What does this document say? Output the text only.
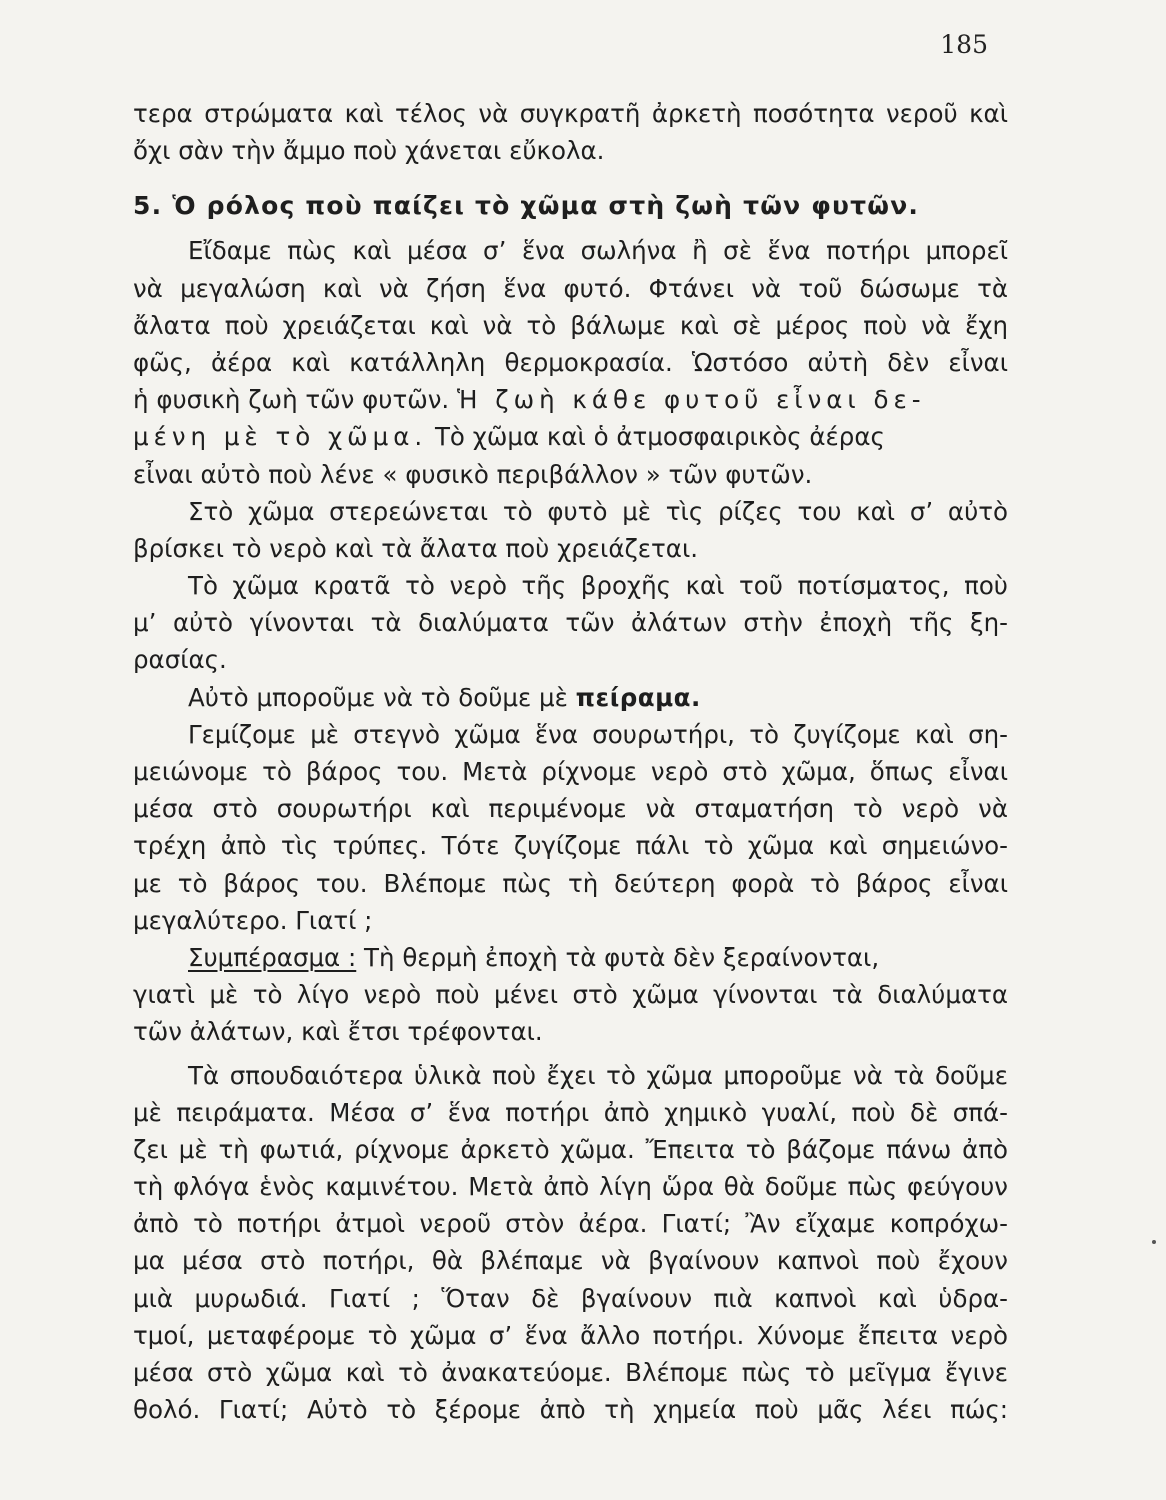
185
τερα στρώματα καὶ τέλος νὰ συγκρατῆ ἀρκετὴ ποσότητα νεροῦ καὶ
ὄχι σὰν τὴν ἄμμο ποὺ χάνεται εὔκολα.
5. Ὁ ρόλος ποὺ παίζει τὸ χῶμα στὴ ζωὴ τῶν φυτῶν.
Εἴδαμε πὼς καὶ μέσα σ’ ἕνα σωλήνα ἢ σὲ ἕνα ποτήρι μπορεῖ
νὰ μεγαλώση καὶ νὰ ζήση ἕνα φυτό. Φτάνει νὰ τοῦ δώσωμε τὰ
ἄλατα ποὺ χρειάζεται καὶ νὰ τὸ βάλωμε καὶ σὲ μέρος ποὺ νὰ ἔχη
φῶς, ἀέρα καὶ κατάλληλη θερμοκρασία. Ὡστόσο αὐτὴ δὲν εἶναι
ἡ φυσικὴ ζωὴ τῶν φυτῶν. Ἡ ζωὴ κάθε φυτοῦ εἶναι δε-
μένη μὲ τὸ χῶμα. Τὸ χῶμα καὶ ὁ ἀτμοσφαιρικὸς ἀέρας
εἶναι αὐτὸ ποὺ λένε « φυσικὸ περιβάλλον » τῶν φυτῶν.
Στὸ χῶμα στερεώνεται τὸ φυτὸ μὲ τὶς ρίζες του καὶ σ’ αὐτὸ
βρίσκει τὸ νερὸ καὶ τὰ ἄλατα ποὺ χρειάζεται.
Τὸ χῶμα κρατᾶ τὸ νερὸ τῆς βροχῆς καὶ τοῦ ποτίσματος, ποὺ
μ’ αὐτὸ γίνονται τὰ διαλύματα τῶν ἀλάτων στὴν ἐποχὴ τῆς ξη-
ρασίας.
Αὐτὸ μποροῦμε νὰ τὸ δοῦμε μὲ πείραμα.
Γεμίζομε μὲ στεγνὸ χῶμα ἕνα σουρωτήρι, τὸ ζυγίζομε καὶ ση-
μειώνομε τὸ βάρος του. Μετὰ ρίχνομε νερὸ στὸ χῶμα, ὅπως εἶναι
μέσα στὸ σουρωτήρι καὶ περιμένομε νὰ σταματήση τὸ νερὸ νὰ
τρέχη ἀπὸ τὶς τρύπες. Τότε ζυγίζομε πάλι τὸ χῶμα καὶ σημειώνο-
με τὸ βάρος του. Βλέπομε πὼς τὴ δεύτερη φορὰ τὸ βάρος εἶναι
μεγαλύτερο. Γιατί ;
Συμπέρασμα : Τὴ θερμὴ ἐποχὴ τὰ φυτὰ δὲν ξεραίνονται,
γιατὶ μὲ τὸ λίγο νερὸ ποὺ μένει στὸ χῶμα γίνονται τὰ διαλύματα
τῶν ἀλάτων, καὶ ἔτσι τρέφονται.
Τὰ σπουδαιότερα ὑλικὰ ποὺ ἔχει τὸ χῶμα μποροῦμε νὰ τὰ δοῦμε
μὲ πειράματα. Μέσα σ’ ἕνα ποτήρι ἀπὸ χημικὸ γυαλί, ποὺ δὲ σπά-
ζει μὲ τὴ φωτιά, ρίχνομε ἀρκετὸ χῶμα. Ἔπειτα τὸ βάζομε πάνω ἀπὸ
τὴ φλόγα ἑνὸς καμινέτου. Μετὰ ἀπὸ λίγη ὥρα θὰ δοῦμε πὼς φεύγουν
ἀπὸ τὸ ποτήρι ἀτμοὶ νεροῦ στὸν ἀέρα. Γιατί; Ἂν εἴχαμε κοπρόχω-
μα μέσα στὸ ποτήρι, θὰ βλέπαμε νὰ βγαίνουν καπνοὶ ποὺ ἔχουν
μιὰ μυρωδιά. Γιατί ; Ὅταν δὲ βγαίνουν πιὰ καπνοὶ καὶ ὑδρα-
τμοί, μεταφέρομε τὸ χῶμα σ’ ἕνα ἄλλο ποτήρι. Χύνομε ἔπειτα νερὸ
μέσα στὸ χῶμα καὶ τὸ ἀνακατεύομε. Βλέπομε πὼς τὸ μεῖγμα ἔγινε
θολό. Γιατί; Αὐτὸ τὸ ξέρομε ἀπὸ τὴ χημεία ποὺ μᾶς λέει πώς:
